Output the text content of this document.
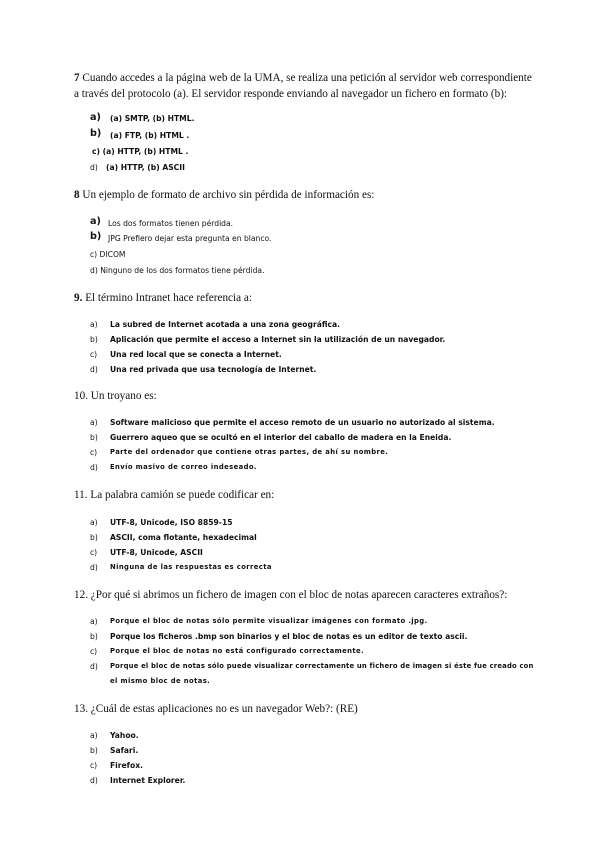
7 Cuando accedes a la página web de la UMA, se realiza una petición al servidor web correspondiente a través del protocolo (a). El servidor responde enviando al navegador un fichero en formato (b):
a) (a) SMTP, (b) HTML.
b) (a) FTP, (b) HTML .
c) (a) HTTP, (b) HTML .
d) (a) HTTP, (b) ASCII
8 Un ejemplo de formato de archivo sin pérdida de información es:
a) Los dos formatos tienen pérdida.
b) JPG Prefiero dejar esta pregunta en blanco.
c) DICOM
d) Ninguno de los dos formatos tiene pérdida.
9. El término Intranet hace referencia a:
a) La subred de Internet acotada a una zona geográfica.
b) Aplicación que permite el acceso a Internet sin la utilización de un navegador.
c) Una red local que se conecta a Internet.
d) Una red privada que usa tecnología de Internet.
10. Un troyano es:
a) Software malicioso que permite el acceso remoto de un usuario no autorizado al sistema.
b) Guerrero aqueo que se ocultó en el interior del caballo de madera en la Eneida.
c) Parte del ordenador que contiene otras partes, de ahí su nombre.
d) Envío masivo de correo indeseado.
11. La palabra camión se puede codificar en:
a) UTF-8, Unicode, ISO 8859-15
b) ASCII, coma flotante, hexadecimal
c) UTF-8, Unicode, ASCII
d) Ninguna de las respuestas es correcta
12. ¿Por qué si abrimos un fichero de imagen con el bloc de notas aparecen caracteres extraños?:
a) Porque el bloc de notas sólo permite visualizar imágenes con formato .jpg.
b) Porque los ficheros .bmp son binarios y el bloc de notas es un editor de texto ascii.
c) Porque el bloc de notas no está configurado correctamente.
d) Porque el bloc de notas sólo puede visualizar correctamente un fichero de imagen si éste fue creado con
el mismo bloc de notas.
13. ¿Cuál de estas aplicaciones no es un navegador Web?: (RE)
a) Yahoo.
b) Safari.
c) Firefox.
d) Internet Explorer.
